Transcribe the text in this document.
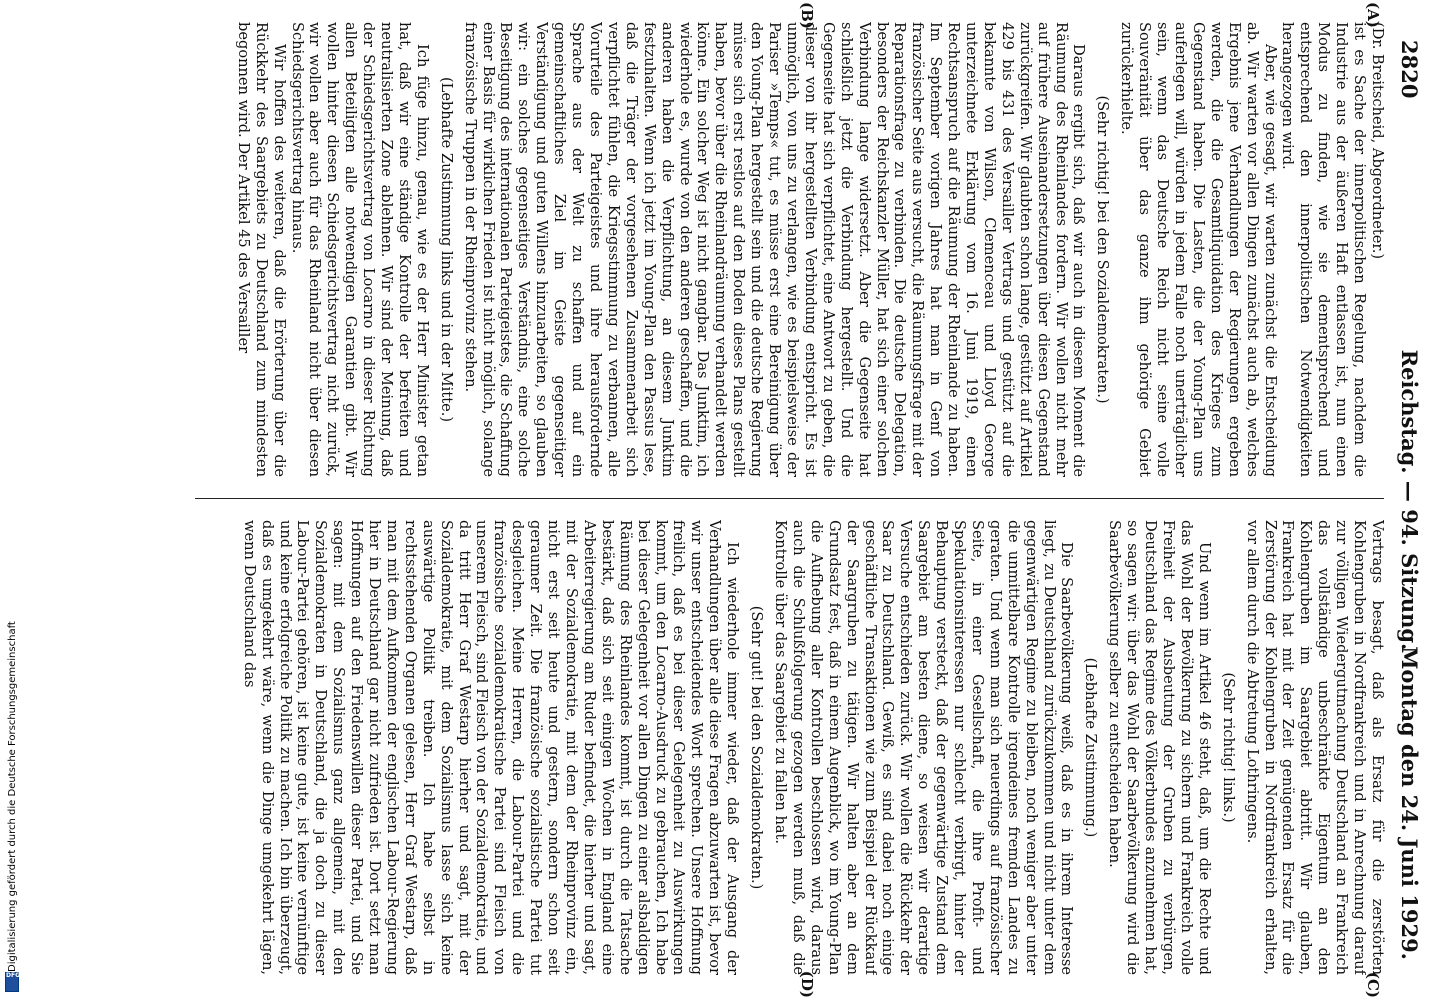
2820
Reichstag. — 94. Sitzung.
Montag den 24. Juni 1929.
(A)
(B)
(C)
(D)

(Dr. Breitscheid, Abgeordneter.)

ist es Sache der innerpolitischen Regelung, nachdem die Industrie aus der äußeren Haft entlassen ist, nun einen Modus zu finden, wie sie dementsprechend und entsprechend den innerpolitischen Notwendigkeiten herangezogen wird.

Aber, wie gesagt, wir warten zunächst die Entscheidung ab. Wir warten vor allen Dingen zunächst auch ab, welches Ergebnis jene Verhandlungen der Regierungen ergeben werden, die die Gesamtliquidation des Krieges zum Gegenstand haben. Die Lasten, die der Young-Plan uns auferlegen will, würden in jedem Falle noch unerträglicher sein, wenn das Deutsche Reich nicht seine volle Souveränität über das ganze ihm gehörige Gebiet zurückerhielte.

(Sehr richtig! bei den Sozialdemokraten.)

Daraus ergibt sich, daß wir auch in diesem Moment die Räumung des Rheinlandes fordern. Wir wollen nicht mehr auf frühere Auseinandersetzungen über diesen Gegenstand zurückgreifen. Wir glaubten schon lange, gestützt auf Artikel 429 bis 431 des Versailler Vertrags und gestützt auf die bekannte von Wilson, Clemenceau und Lloyd George unterzeichnete Erklärung vom 16. Juni 1919, einen Rechtsanspruch auf die Räumung der Rheinlande zu haben. Im September vorigen Jahres hat man in Genf von französischer Seite aus versucht, die Räumungsfrage mit der Reparationsfrage zu verbinden. Die deutsche Delegation, besonders der Reichskanzler Müller, hat sich einer solchen Verbindung lange widersetzt. Aber die Gegenseite hat schließlich jetzt die Verbindung hergestellt. Und die Gegenseite hat sich verpflichtet, eine Antwort zu geben, die dieser von ihr hergestellten Verbindung entspricht. Es ist unmöglich, von uns zu verlangen, wie es beispielsweise der Pariser »Temps« tut, es müsse erst eine Bereinigung über den Young-Plan hergestellt sein und die deutsche Regierung müsse sich erst restlos auf den Boden dieses Plans gestellt haben, bevor über die Rheinlandräumung verhandelt werden könne. Ein solcher Weg ist nicht gangbar. Das Junktim, ich wiederhole es, wurde von den anderen geschaffen, und die anderen haben die Verpflichtung, an diesem Junktim festzuhalten. Wenn ich jetzt im Young-Plan den Passus lese, daß die Träger der vorgesehenen Zusammenarbeit sich verpflichtet fühlen, die Kriegsstimmung zu verbannen, alle Vorurteile des Parteigeistes und ihre herausfordernde Sprache aus der Welt zu schaffen und auf ein gemeinschaftliches Ziel im Geiste gegenseitiger Verständigung und guten Willens hinzuarbeiten, so glauben wir: ein solches gegenseitiges Verständnis, eine solche Beseitigung des internationalen Parteigeistes, die Schaffung einer Basis für wirklichen Frieden ist nicht möglich, solange französische Truppen in der Rheinprovinz stehen.

(Lebhafte Zustimmung links und in der Mitte.)

Ich füge hinzu, genau, wie es der Herr Minister getan hat, daß wir eine ständige Kontrolle der befreiten und neutralisierten Zone ablehnen. Wir sind der Meinung, daß der Schiedsgerichtsvertrag von Locarno in dieser Richtung allen Beteiligten alle notwendigen Garantien gibt. Wir wollen hinter diesen Schiedsgerichtsvertrag nicht zurück, wir wollen aber auch für das Rheinland nicht über diesen Schiedsgerichtsvertrag hinaus.

Wir hoffen des weiteren, daß die Erörterung über die Rückkehr des Saargebiets zu Deutschland zum mindesten begonnen wird. Der Artikel 45 des Versailler

Vertrags besagt, daß als Ersatz für die zerstörten Kohlengruben in Nordfrankreich und in Anrechnung darauf zur völligen Wiedergutmachung Deutschland an Frankreich das vollständige unbeschränkte Eigentum an den Kohlengruben im Saargebiet abtritt. Wir glauben, Frankreich hat mit der Zeit genügenden Ersatz für die Zerstörung der Kohlengruben in Nordfrankreich erhalten, vor allem durch die Abtretung Lothringens.

(Sehr richtig! links.)

Und wenn im Artikel 46 steht, daß, um die Rechte und das Wohl der Bevölkerung zu sichern und Frankreich volle Freiheit der Ausbeutung der Gruben zu verbürgen, Deutschland das Regime des Völkerbundes anzunehmen hat, so sagen wir: über das Wohl der Saarbevölkerung wird die Saarbevölkerung selber zu entscheiden haben.

(Lebhafte Zustimmung.)

Die Saarbevölkerung weiß, daß es in ihrem Interesse liegt, zu Deutschland zurückzukommen und nicht unter dem gegenwärtigen Regime zu bleiben, noch weniger aber unter die unmittelbare Kontrolle irgendeines fremden Landes zu geraten. Und wenn man sich neuerdings auf französischer Seite, in einer Gesellschaft, die ihre Profit- und Spekulationsinteressen nur schlecht verbirgt, hinter der Behauptung versteckt, daß der gegenwärtige Zustand dem Saargebiet am besten diene, so weisen wir derartige Versuche entschieden zurück. Wir wollen die Rückkehr der Saar zu Deutschland. Gewiß, es sind dabei noch einige geschäftliche Transaktionen wie zum Beispiel der Rückkauf der Saargruben zu tätigen. Wir halten aber an dem Grundsatz fest, daß in einem Augenblick, wo im Young-Plan die Aufhebung aller Kontrollen beschlossen wird, daraus auch die Schlußfolgerung gezogen werden muß, daß die Kontrolle über das Saargebiet zu fallen hat.

(Sehr gut! bei den Sozialdemokraten.)

Ich wiederhole immer wieder, daß der Ausgang der Verhandlungen über alle diese Fragen abzuwarten ist, bevor wir unser entscheidendes Wort sprechen. Unsere Hoffnung freilich, daß es bei dieser Gelegenheit zu Auswirkungen kommt, um den Locarno-Ausdruck zu gebrauchen, Ich habe bei dieser Gelegenheit vor allen Dingen zu einer alsbaldigen Räumung des Rheinlandes kommt, ist durch die Tatsache bestärkt, daß sich seit einigen Wochen in England eine Arbeiterregierung am Ruder befindet, die hierher und sagt, mit der Sozialdemokratie, mit dem der Rheinprovinz ein, nicht erst seit heute und gestern, sondern schon seit geraumer Zeit. Die französische sozialistische Partei tut desgleichen. Meine Herren, die Labour-Partei und die französische sozialdemokratische Partei sind Fleisch von unserem Fleisch, sind Fleisch von der Sozialdemokratie, und da tritt Herr Graf Westarp hierher und sagt, mit der Sozialdemokratie, mit dem Sozialismus lasse sich keine auswärtige Politik treiben. Ich habe selbst in rechtsstehenden Organen gelesen, Herr Graf Westarp, daß man mit dem Aufkommen der englischen Labour-Regierung hier in Deutschland gar nicht zufrieden ist. Dort setzt man Hoffnungen auf den Friedenswillen dieser Partei, und Sie sagen: mit dem Sozialismus ganz allgemein, mit den Sozialdemokraten in Deutschland, die ja doch zu dieser Labour-Partei gehören, ist keine gute, ist keine vernünftige und keine erfolgreiche Politik zu machen. Ich bin überzeugt, daß es umgekehrt wäre, wenn die Dinge umgekehrt lägen, wenn Deutschland das

Digitalisierung gefördert durch die Deutsche Forschungsgemeinschaft
DFG
